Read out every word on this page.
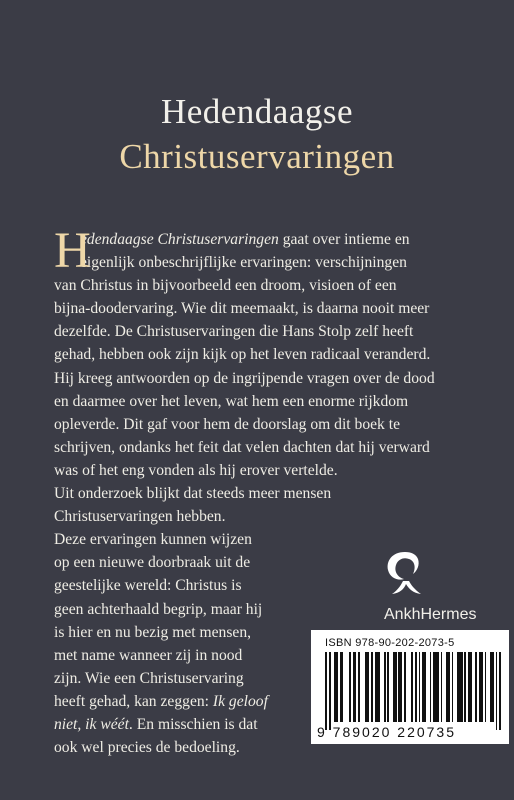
Hedendaagse
Christuservaringen
H
edendaagse Christuservaringen gaat over intieme en
eigenlijk onbeschrijflijke ervaringen: verschijningen
van Christus in bijvoorbeeld een droom, visioen of een
bijna-doodervaring. Wie dit meemaakt, is daarna nooit meer
dezelfde. De Christuservaringen die Hans Stolp zelf heeft
gehad, hebben ook zijn kijk op het leven radicaal veranderd.
Hij kreeg antwoorden op de ingrijpende vragen over de dood
en daarmee over het leven, wat hem een enorme rijkdom
opleverde. Dit gaf voor hem de doorslag om dit boek te
schrijven, ondanks het feit dat velen dachten dat hij verward
was of het eng vonden als hij erover vertelde.
Uit onderzoek blijkt dat steeds meer mensen
Christuservaringen hebben.
Deze ervaringen kunnen wijzen
op een nieuwe doorbraak uit de
geestelijke wereld: Christus is
geen achterhaald begrip, maar hij
is hier en nu bezig met mensen,
met name wanneer zij in nood
zijn. Wie een Christuservaring
heeft gehad, kan zeggen: Ik geloof
niet, ik wéét. En misschien is dat
ook wel precies de bedoeling.
AnkhHermes
ISBN 978-90-202-2073-5
9 789020 220735
